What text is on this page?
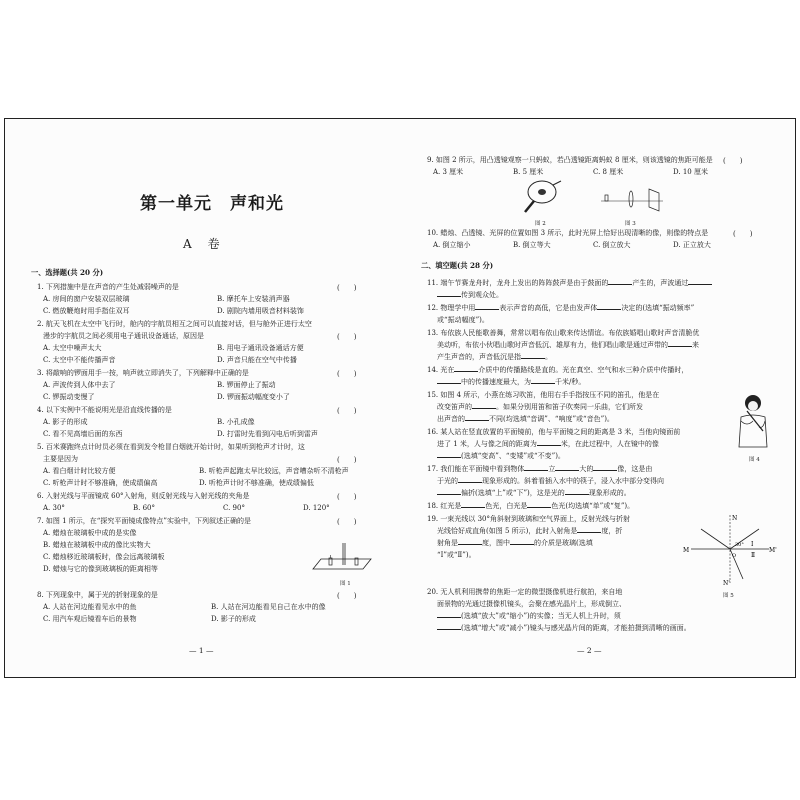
第一单元　声和光
A　卷
一、选择题(共 20 分)
1. 下列措施中是在声音的产生处减弱噪声的是	(　　)
A. 房间的窗户安装双层玻璃	B. 摩托车上安装消声器
C. 燃放鞭炮时用手指住双耳	D. 剧院内墙用吸音材料装饰
2. 航天飞机在太空中飞行时，舱内的宇航员相互之间可以直接对话，但与舱外正进行太空
漫步的宇航员之间必须用电子通讯设备通话，原因是	(　　)
A. 太空中噪声太大	B. 用电子通讯设备通话方便
C. 太空中不能传播声音	D. 声音只能在空气中传播
3. 将敲响的锣面用手一按，响声就立即消失了，下列解释中正确的是	(　　)
A. 声波传到人体中去了	B. 锣面停止了振动
C. 锣振动变慢了	D. 锣面振动幅度变小了
4. 以下实例中不能说明光是沿直线传播的是	(　　)
A. 影子的形成	B. 小孔成像
C. 看不见高墙后面的东西	D. 打雷时先看到闪电后听到雷声
5. 百米赛跑终点计时员必须在看到发令枪冒白烟就开始计时，如果听到枪声才计时，这
主要是因为	(　　)
A. 看白烟计时比较方便	B. 听枪声起跑太早比较远，声音嘈杂听不清枪声
C. 听枪声计时不够准确，使成绩偏高	D. 听枪声计时不够准确，使成绩偏低
6. 入射光线与平面镜成 60°入射角，则反射光线与入射光线的夹角是	(　　)
A. 30°	B. 60°	C. 90°	D. 120°
7. 如图 1 所示，在“探究平面镜成像特点”实验中，下列叙述正确的是	(　　)
A. 蜡烛在玻璃板中成的是实像
B. 蜡烛在玻璃板中成的像比实物大
C. 蜡烛移近玻璃板时，像会远离玻璃板
D. 蜡烛与它的像到玻璃板的距离相等
图 1
8. 下列现象中，属于光的折射现象的是	(　　)
A. 人站在河边能看见水中的鱼	B. 人站在河边能看见自己在水中的像
C. 用汽车观后镜看车后的景物	D. 影子的形成
— 1 —
9. 如图 2 所示，用凸透镜观察一只蚂蚁，若凸透镜距离蚂蚁 8 厘米，则该透镜的焦距可能是 (　　)
A. 3 厘米	B. 5 厘米	C. 8 厘米	D. 10 厘米
图 2	图 3
10. 蜡烛、凸透镜、光屏的位置如图 3 所示，此时光屏上恰好出现清晰的像，则像的特点是	(　　)
A. 倒立缩小	B. 倒立等大	C. 倒立放大	D. 正立放大
二、填空题(共 28 分)
11. 端午节赛龙舟时，龙舟上发出的阵阵鼓声是由于鼓面的	产生的，声波通过
传到观众处。
12. 物理学中用	表示声音的高低，它是由发声体	决定的(选填“振动频率”
或“振动幅度”)。
13. 布依族人民能歌善舞，常常以唱布依山歌来传达情谊。布依族婚唱山歌时声音清脆优
美动听，布依小伙唱山歌时声音低沉、雄厚有力，他们唱山歌是通过声带的	来
产生声音的，声音低沉是指	。
14. 光在	介质中的传播路线是直的。光在真空、空气和水三种介质中传播时，
中的传播速度最大，为	千米/秒。
15. 如图 4 所示，小燕在练习吹笛，他用右手手指按压不同的笛孔，他是在
改变笛声的	。如果分别用笛和笛子吹奏同一乐曲，它们所发
出声音的	不同(均选填“音调”、“响度”或“音色”)。
图 4
16. 某人站在竖直放置的平面镜前，他与平面镜之间的距离是 3 米，当他向镜面前
进了 1 米，人与像之间的距离为	米，在此过程中，人在镜中的像
(选填“变高”、“变矮”或“不变”)。
17. 我们能在平面镜中看到物体	立	大的	像，这是由
于光的	现象形成的。斜着看插入水中的筷子，浸入水中部分变得向
偏折(选填“上”或“下”)，这是光的	现象形成的。
18. 红光是	色光，白光是	色光(均选填“单”或“复”)。
19. 一束光线以 30°角斜射到玻璃和空气界面上，反射光线与折射
光线恰好成直角(如图 5 所示)，此时入射角是	度，折
射角是	度，图中	的介质是玻璃(选填
“Ⅰ”或“Ⅱ”)。
N
N'
M	M'
O
30° Ⅰ
Ⅱ
图 5
20. 无人机利用携带的焦距一定的微型摄像机进行航拍，来自地
面景物的光通过摄像机镜头，会聚在感光晶片上，形成倒立、
(选填“放大”或“缩小”)的实像；当无人机上升时，须
(选填“增大”或“减小”)镜头与感光晶片间的距离，才能拍摄到清晰的画面。
— 2 —
